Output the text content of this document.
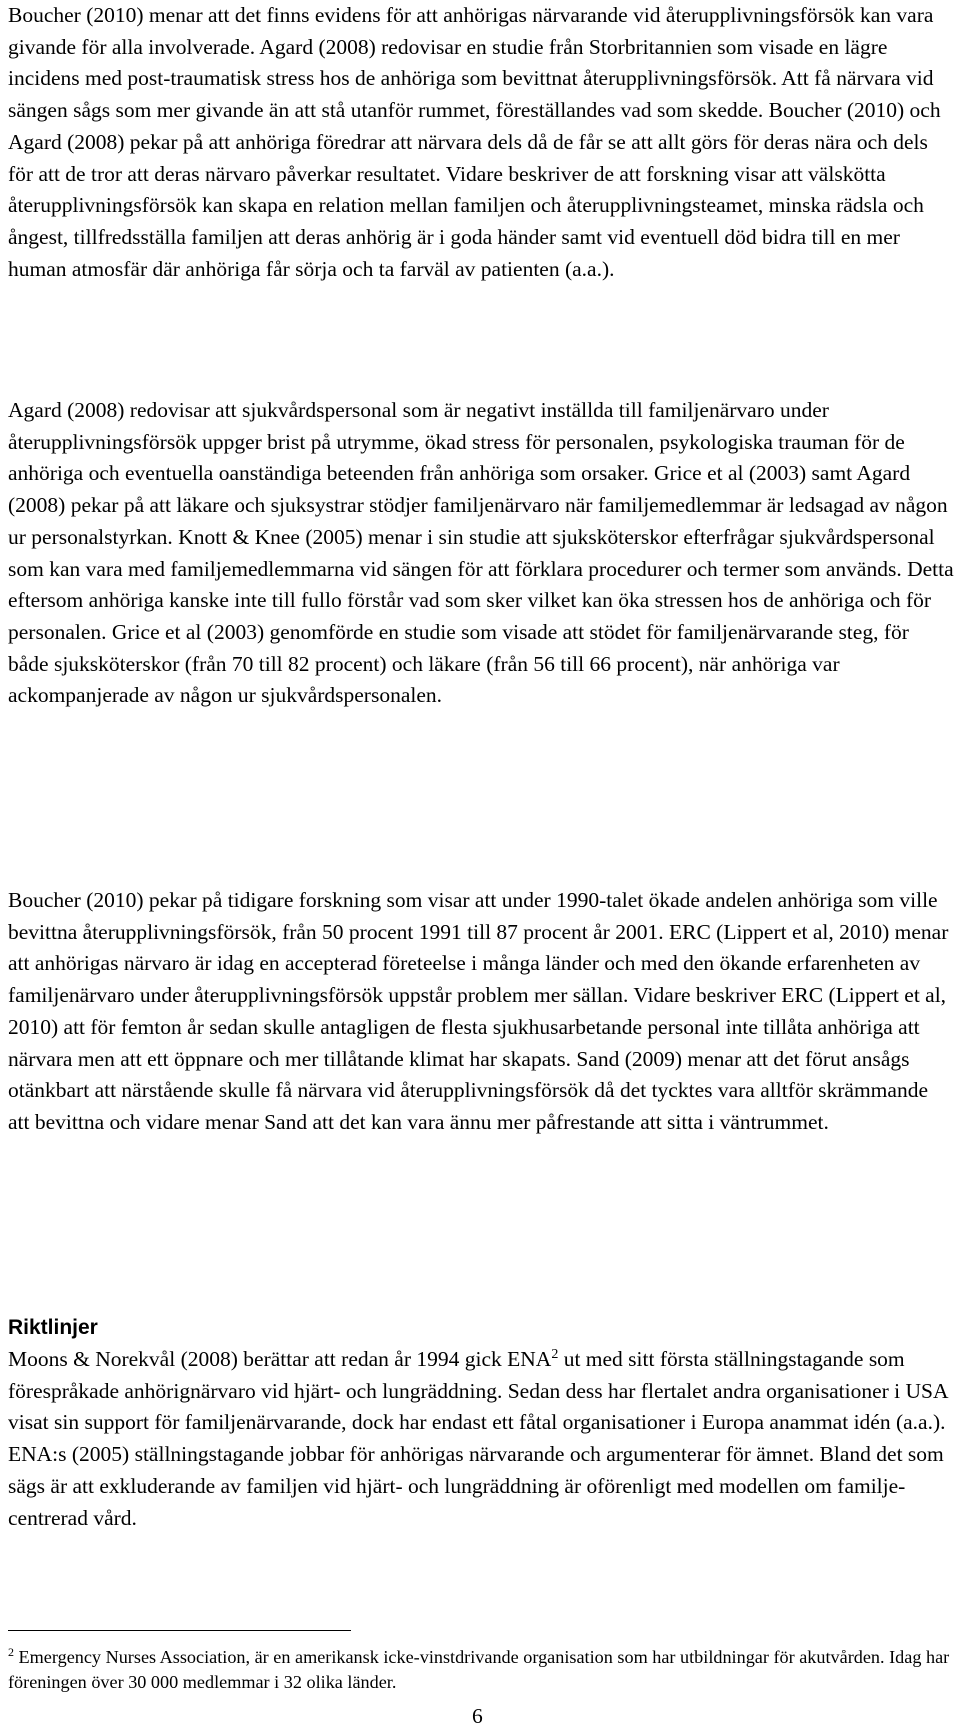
Boucher (2010) menar att det finns evidens för att anhörigas närvarande vid återupplivningsförsök kan vara givande för alla involverade. Agard (2008) redovisar en studie från Storbritannien som visade en lägre incidens med post-traumatisk stress hos de anhöriga som bevittnat återupplivningsförsök. Att få närvara vid sängen sågs som mer givande än att stå utanför rummet, föreställandes vad som skedde. Boucher (2010) och Agard (2008) pekar på att anhöriga föredrar att närvara dels då de får se att allt görs för deras nära och dels för att de tror att deras närvaro påverkar resultatet. Vidare beskriver de att forskning visar att välskötta återupplivningsförsök kan skapa en relation mellan familjen och återupplivningsteamet, minska rädsla och ångest, tillfredsställa familjen att deras anhörig är i goda händer samt vid eventuell död bidra till en mer human atmosfär där anhöriga får sörja och ta farväl av patienten (a.a.).

Agard (2008) redovisar att sjukvårdspersonal som är negativt inställda till familjenärvaro under återupplivningsförsök uppger brist på utrymme, ökad stress för personalen, psykologiska trauman för de anhöriga och eventuella oanständiga beteenden från anhöriga som orsaker. Grice et al (2003) samt Agard (2008) pekar på att läkare och sjuksystrar stödjer familjenärvaro när familjemedlemmar är ledsagad av någon ur personalstyrkan. Knott & Knee (2005) menar i sin studie att sjuksköterskor efterfrågar sjukvårdspersonal som kan vara med familjemedlemmarna vid sängen för att förklara procedurer och termer som används. Detta eftersom anhöriga kanske inte till fullo förstår vad som sker vilket kan öka stressen hos de anhöriga och för personalen. Grice et al (2003) genomförde en studie som visade att stödet för familjenärvarande steg, för både sjuksköterskor (från 70 till 82 procent) och läkare (från 56 till 66 procent), när anhöriga var ackompanjerade av någon ur sjukvårdspersonalen.

Boucher (2010) pekar på tidigare forskning som visar att under 1990-talet ökade andelen anhöriga som ville bevittna återupplivningsförsök, från 50 procent 1991 till 87 procent år 2001. ERC (Lippert et al, 2010) menar att anhörigas närvaro är idag en accepterad företeelse i många länder och med den ökande erfarenheten av familjenärvaro under återupplivningsförsök uppstår problem mer sällan. Vidare beskriver ERC (Lippert et al, 2010) att för femton år sedan skulle antagligen de flesta sjukhusarbetande personal inte tillåta anhöriga att närvara men att ett öppnare och mer tillåtande klimat har skapats. Sand (2009) menar att det förut ansågs otänkbart att närstående skulle få närvara vid återupplivningsförsök då det tycktes vara alltför skrämmande att bevittna och vidare menar Sand att det kan vara ännu mer påfrestande att sitta i väntrummet.

Riktlinjer

Moons & Norekvål (2008) berättar att redan år 1994 gick ENA$^2$ ut med sitt första ställningstagande som förespråkade anhörignärvaro vid hjärt- och lungräddning. Sedan dess har flertalet andra organisationer i USA visat sin support för familjenärvarande, dock har endast ett fåtal organisationer i Europa anammat idén (a.a.). ENA:s (2005) ställningstagande jobbar för anhörigas närvarande och argumenterar för ämnet. Bland det som sägs är att exkluderande av familjen vid hjärt- och lungräddning är oförenligt med modellen om familje-centrerad vård.

$^2$ Emergency Nurses Association, är en amerikansk icke-vinstdrivande organisation som har utbildningar för akutvården. Idag har föreningen över 30 000 medlemmar i 32 olika länder.

6
